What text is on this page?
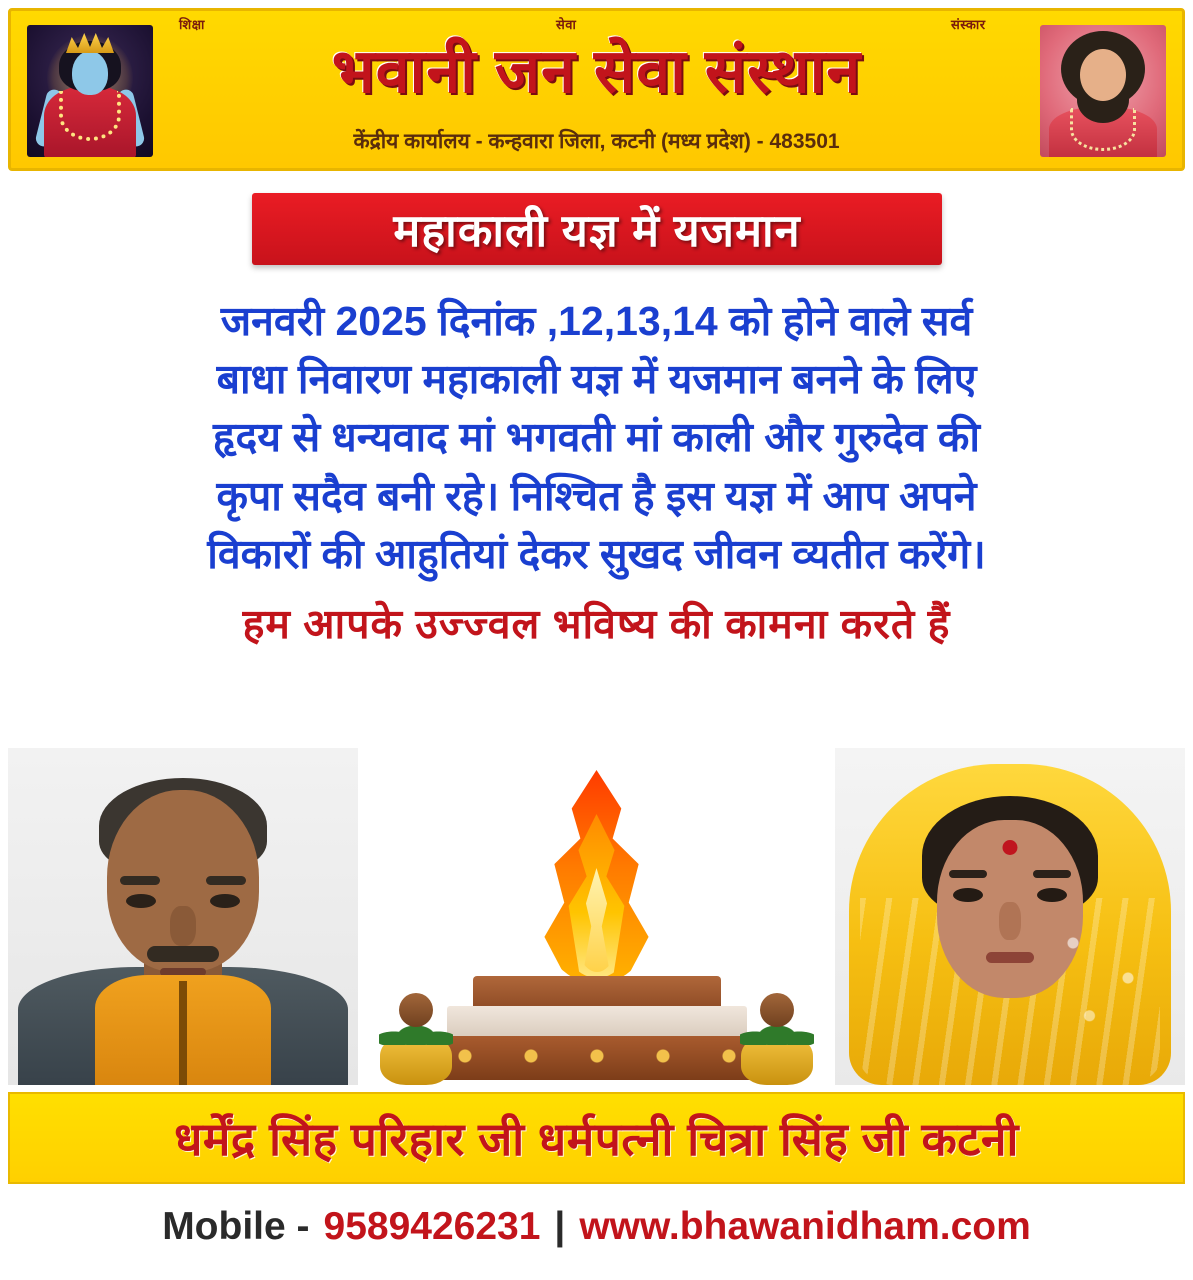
शिक्षा	सेवा	संस्कार
भवानी जन सेवा संस्थान
केंद्रीय कार्यालय - कन्हवारा जिला, कटनी (मध्य प्रदेश) - 483501
महाकाली यज्ञ में यजमान
जनवरी 2025 दिनांक ,12,13,14 को होने वाले सर्व
बाधा निवारण महाकाली यज्ञ में यजमान बनने के लिए
हृदय से धन्यवाद मां भगवती मां काली और गुरुदेव की
कृपा सदैव बनी रहे। निश्चित है इस यज्ञ में आप अपने
विकारों की आहुतियां देकर सुखद जीवन व्यतीत करेंगे।
हम आपके उज्ज्वल भविष्य की कामना करते हैं
धर्मेंद्र सिंह परिहार जी धर्मपत्नी चित्रा सिंह जी कटनी
Mobile - 9589426231 | www.bhawanidham.com
